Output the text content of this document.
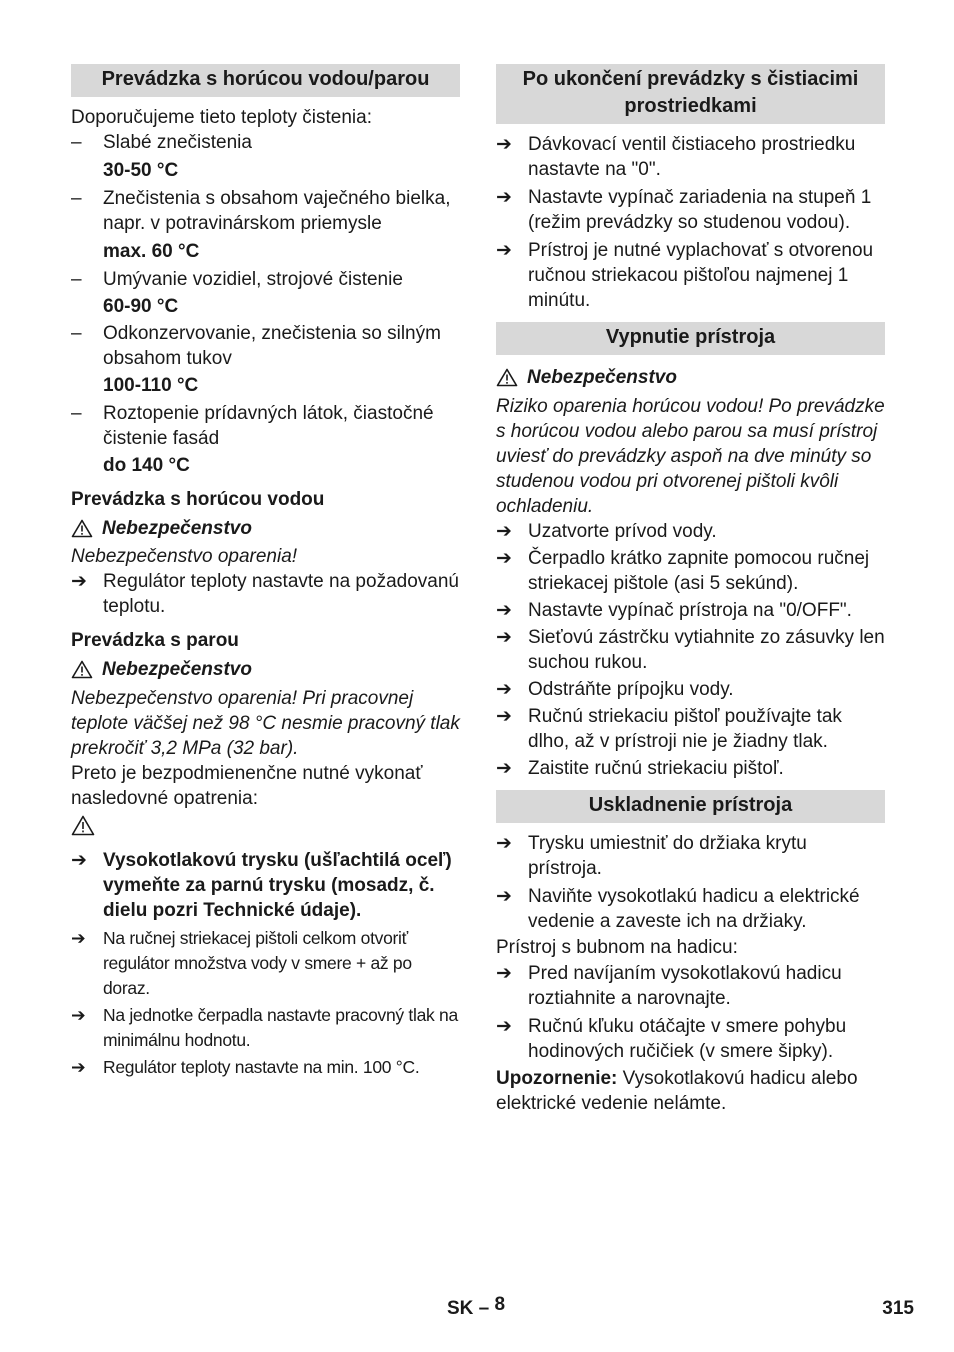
Prevádzka s horúcou vodou/parou

Doporučujeme tieto teploty čistenia:

– Slabé znečistenia

30-50 °C

– Znečistenia s obsahom vaječného bielka, napr. v potravinárskom priemysle

max. 60 °C

– Umývanie vozidiel, strojové čistenie

60-90 °C

– Odkonzervovanie, znečistenia so silným obsahom tukov

100-110 °C

– Roztopenie prídavných látok, čiastočné čistenie fasád

do 140 °C

Prevádzka s horúcou vodou

Nebezpečenstvo

Nebezpečenstvo oparenia!

➔ Regulátor teploty nastavte na požadovanú teplotu.

Prevádzka s parou

Nebezpečenstvo

Nebezpečenstvo oparenia! Pri pracovnej teplote väčšej než 98 °C nesmie pracovný tlak prekročiť 3,2 MPa (32 bar).

Preto je bezpodmienenčne nutné vykonať nasledovné opatrenia:

➔ Vysokotlakovú trysku (ušľachtilá oceľ) vymeňte za parnú trysku (mosadz, č. dielu pozri Technické údaje).

➔ Na ručnej striekacej pištoli celkom otvoriť regulátor množstva vody v smere + až po doraz.

➔ Na jednotke čerpadla nastavte pracovný tlak na minimálnu hodnotu.

➔ Regulátor teploty nastavte na min. 100 °C.

Po ukončení prevádzky s čistiacimi prostriedkami

➔ Dávkovací ventil čistiaceho prostriedku nastavte na "0".

➔ Nastavte vypínač zariadenia na stupeň 1 (režim prevádzky so studenou vodou).

➔ Prístroj je nutné vyplachovať s otvorenou ručnou striekacou pištoľou najmenej 1 minútu.

Vypnutie prístroja

Nebezpečenstvo

Riziko oparenia horúcou vodou! Po prevádzke s horúcou vodou alebo parou sa musí prístroj uviesť do prevádzky aspoň na dve minúty so studenou vodou pri otvorenej pištoli kvôli ochladeniu.

➔ Uzatvorte prívod vody.

➔ Čerpadlo krátko zapnite pomocou ručnej striekacej pištole (asi 5 sekúnd).

➔ Nastavte vypínač prístroja na "0/OFF".

➔ Sieťovú zástrčku vytiahnite zo zásuvky len suchou rukou.

➔ Odstráňte prípojku vody.

➔ Ručnú striekaciu pištoľ používajte tak dlho, až v prístroji nie je žiadny tlak.

➔ Zaistite ručnú striekaciu pištoľ.

Uskladnenie prístroja

➔ Trysku umiestniť do držiaka krytu prístroja.

➔ Naviňte vysokotlakú hadicu a elektrické vedenie a zaveste ich na držiaky.

Prístroj s bubnom na hadicu:

➔ Pred navíjaním vysokotlakovú hadicu roztiahnite a narovnajte.

➔ Ručnú kľuku otáčajte v smere pohybu hodinových ručičiek (v smere šipky).

Upozornenie: Vysokotlakovú hadicu alebo elektrické vedenie nelámte.

SK – 8	315
